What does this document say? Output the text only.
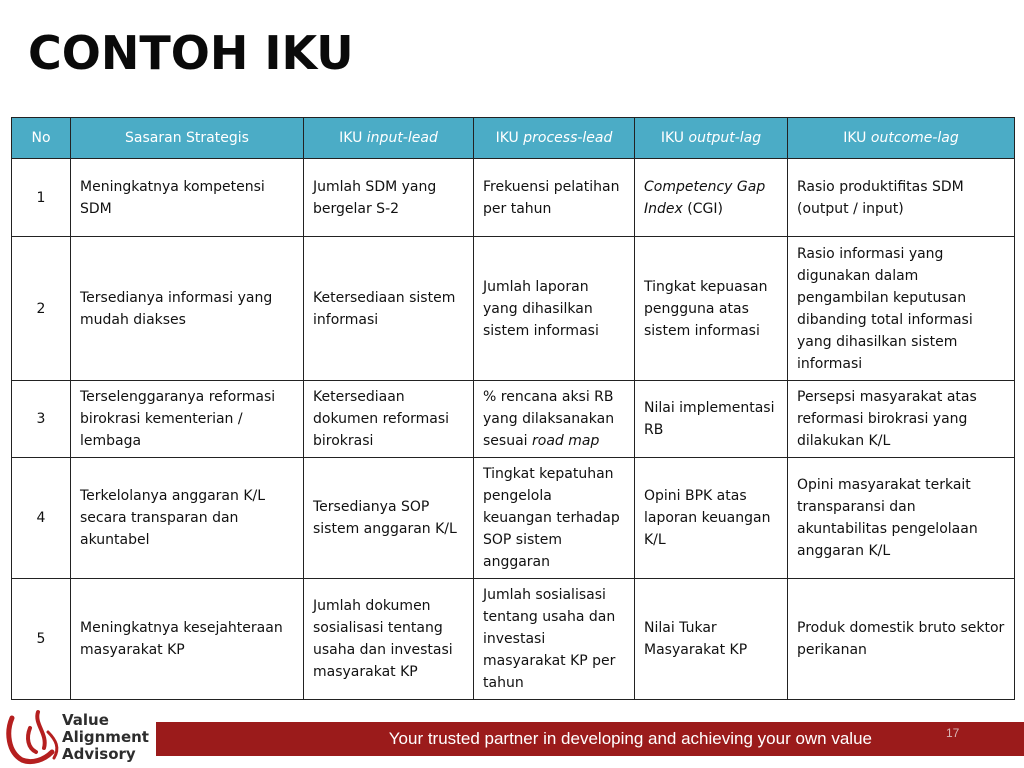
CONTOH IKU
No	Sasaran Strategis	IKU input-lead	IKU process-lead	IKU output-lag	IKU outcome-lag
1	Meningkatnya kompetensi SDM	Jumlah SDM yang bergelar S-2	Frekuensi pelatihan per tahun	Competency Gap Index (CGI)	Rasio produktifitas SDM (output / input)
2	Tersedianya informasi yang mudah diakses	Ketersediaan sistem informasi	Jumlah laporan yang dihasilkan sistem informasi	Tingkat kepuasan pengguna atas sistem informasi	Rasio informasi yang digunakan dalam pengambilan keputusan dibanding total informasi yang dihasilkan sistem informasi
3	Terselenggaranya reformasi birokrasi kementerian / lembaga	Ketersediaan dokumen reformasi birokrasi	% rencana aksi RB yang dilaksanakan sesuai road map	Nilai implementasi RB	Persepsi masyarakat atas reformasi birokrasi yang dilakukan K/L
4	Terkelolanya anggaran K/L secara transparan dan akuntabel	Tersedianya SOP sistem anggaran K/L	Tingkat kepatuhan pengelola keuangan terhadap SOP sistem anggaran	Opini BPK atas laporan keuangan K/L	Opini masyarakat terkait transparansi dan akuntabilitas pengelolaan anggaran K/L
5	Meningkatnya kesejahteraan masyarakat KP	Jumlah dokumen sosialisasi tentang usaha dan investasi masyarakat KP	Jumlah sosialisasi tentang usaha dan investasi masyarakat KP per tahun	Nilai Tukar Masyarakat KP	Produk domestik bruto sektor perikanan
Value
Alignment
Advisory
Your trusted partner in developing and achieving your own value	17
